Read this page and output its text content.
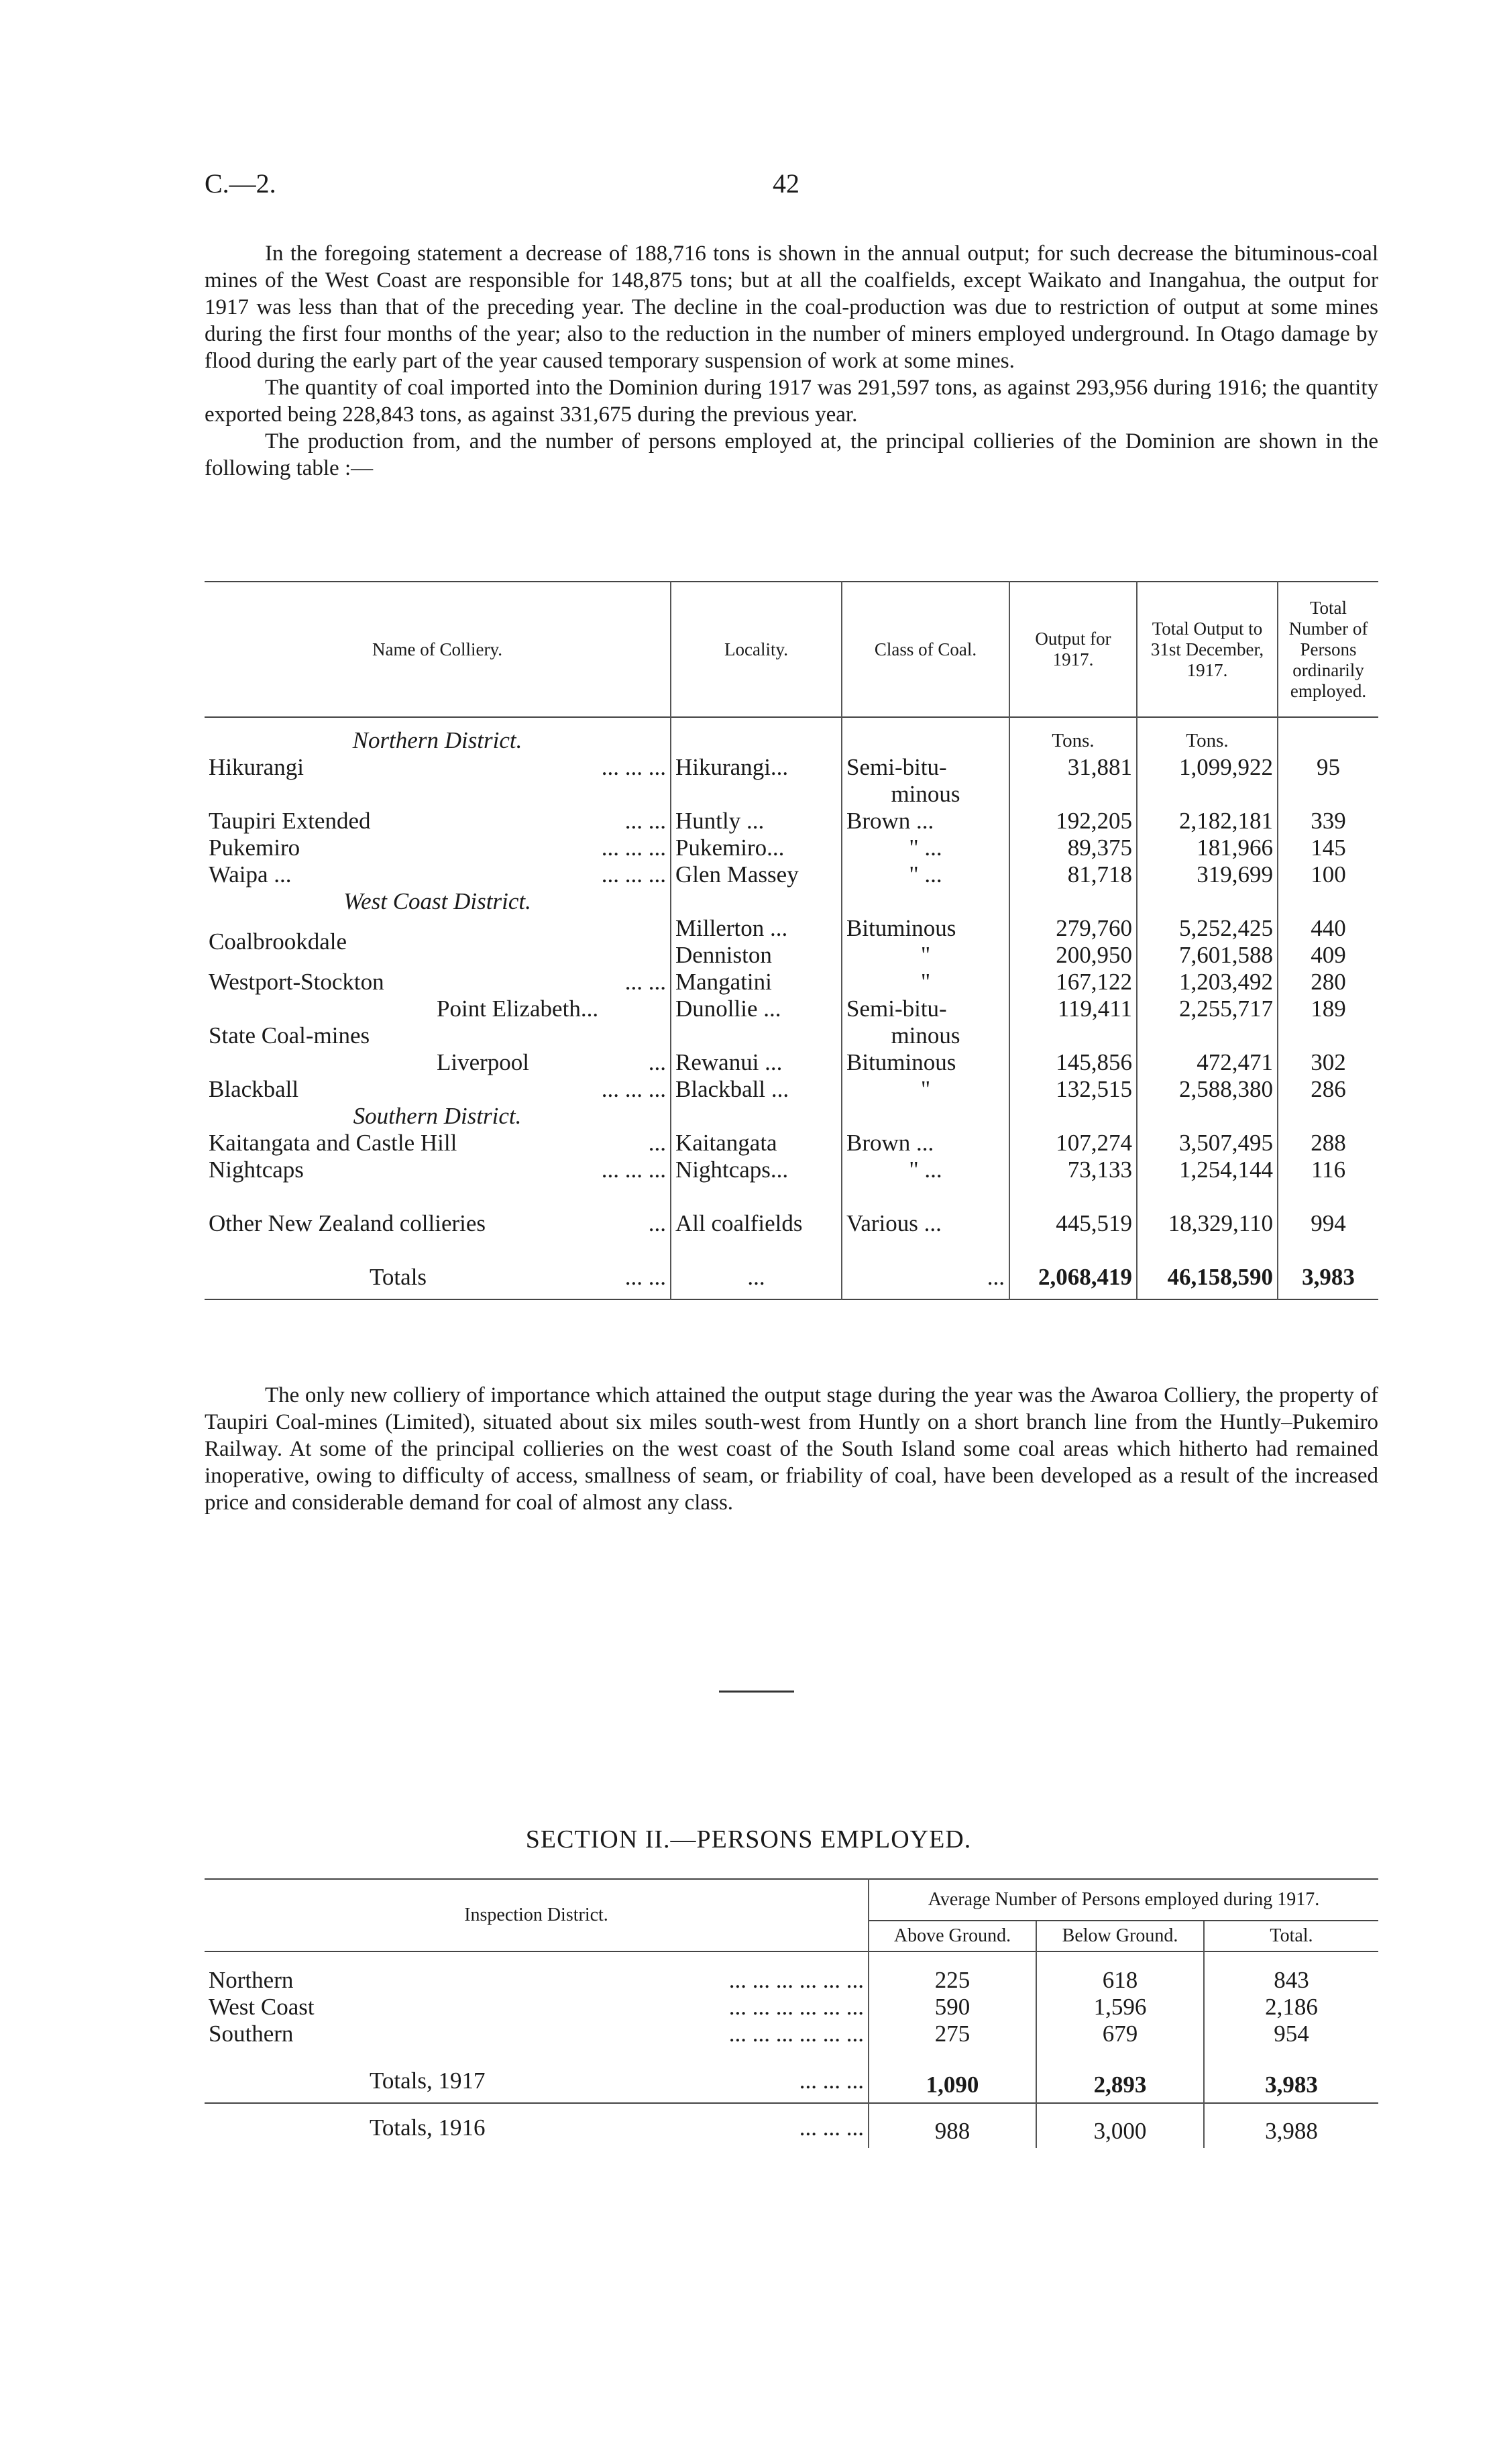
C.—2.	42

In the foregoing statement a decrease of 188,716 tons is shown in the annual output; for such decrease the bituminous-coal mines of the West Coast are responsible for 148,875 tons; but at all the coalfields, except Waikato and Inangahua, the output for 1917 was less than that of the preceding year. The decline in the coal-production was due to restriction of output at some mines during the first four months of the year; also to the reduction in the number of miners employed underground. In Otago damage by flood during the early part of the year caused temporary suspension of work at some mines.

The quantity of coal imported into the Dominion during 1917 was 291,597 tons, as against 293,956 during 1916; the quantity exported being 228,843 tons, as against 331,675 during the previous year.

The production from, and the number of persons employed at, the principal collieries of the Dominion are shown in the following table :—

Name of Colliery.	Locality.	Class of Coal.	Output for 1917.	Total Output to 31st December, 1917.	Total Number of Persons ordinarily employed.
Northern District.			Tons.	Tons.	
Hikurangi ... ... ...	Hikurangi...	Semi-bitu-	31,881	1,099,922	95
		minous			
Taupiri Extended ... ...	Huntly ...	Brown ...	192,205	2,182,181	339
Pukemiro ... ... ...	Pukemiro...	" ...	89,375	181,966	145
Waipa ... ... ... ...	Glen Massey	" ...	81,718	319,699	100
West Coast District.					
Coalbrookdale	Millerton ...	Bituminous	279,760	5,252,425	440
	Denniston	"	200,950	7,601,588	409
Westport-Stockton ... ...	Mangatini	"	167,122	1,203,492	280
Point Elizabeth...	Dunollie ...	Semi-bitu-	119,411	2,255,717	189
State Coal-mines		minous			
Liverpool ...	Rewanui ...	Bituminous	145,856	472,471	302
Blackball ... ... ...	Blackball ...	"	132,515	2,588,380	286
Southern District.					
Kaitangata and Castle Hill ...	Kaitangata	Brown ...	107,274	3,507,495	288
Nightcaps ... ... ...	Nightcaps...	" ...	73,133	1,254,144	116
Other New Zealand collieries ...	All coalfields	Various ...	445,519	18,329,110	994
Totals ... ...	...	...	2,068,419	46,158,590	3,983

The only new colliery of importance which attained the output stage during the year was the Awaroa Colliery, the property of Taupiri Coal-mines (Limited), situated about six miles south-west from Huntly on a short branch line from the Huntly–Pukemiro Railway. At some of the principal collieries on the west coast of the South Island some coal areas which hitherto had remained inoperative, owing to difficulty of access, smallness of seam, or friability of coal, have been developed as a result of the increased price and considerable demand for coal of almost any class.

SECTION II.—PERSONS EMPLOYED.
Inspection District.	Average Number of Persons employed during 1917.		
	Above Ground.	Below Ground.	Total.
Northern ... ... ... ... ... ...	225	618	843
West Coast ... ... ... ... ... ...	590	1,596	2,186
Southern ... ... ... ... ... ...	275	679	954
Totals, 1917 ... ... ...	1,090	2,893	3,983
Totals, 1916 ... ... ...	988	3,000	3,988
